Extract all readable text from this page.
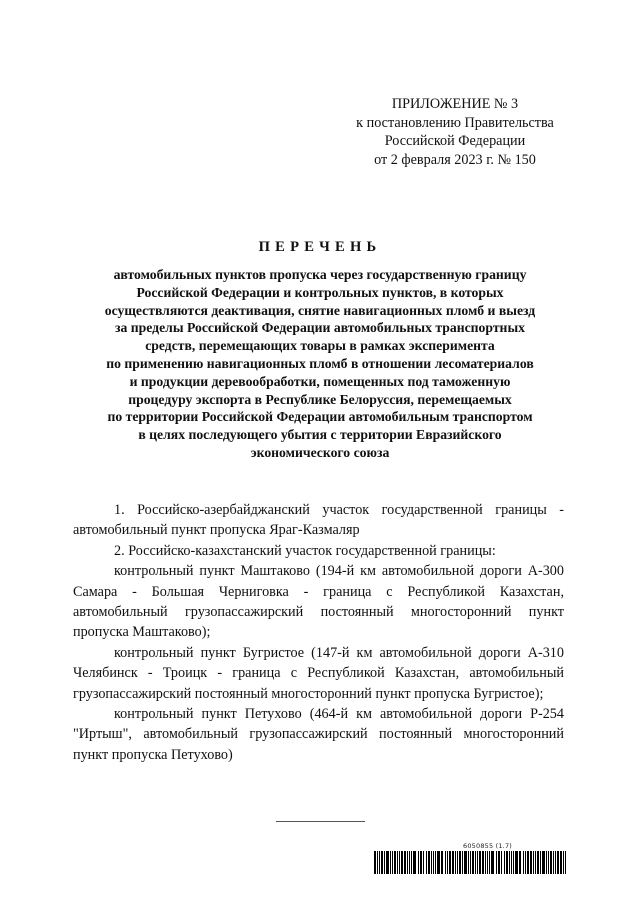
ПРИЛОЖЕНИЕ № 3
к постановлению Правительства
Российской Федерации
от 2 февраля 2023 г. № 150
ПЕРЕЧЕНЬ
автомобильных пунктов пропуска через государственную границу
Российской Федерации и контрольных пунктов, в которых
осуществляются деактивация, снятие навигационных пломб и выезд
за пределы Российской Федерации автомобильных транспортных
средств, перемещающих товары в рамках эксперимента
по применению навигационных пломб в отношении лесоматериалов
и продукции деревообработки, помещенных под таможенную
процедуру экспорта в Республике Белоруссия, перемещаемых
по территории Российской Федерации автомобильным транспортом
в целях последующего убытия с территории Евразийского
экономического союза

1. Российско-азербайджанский участок государственной границы - автомобильный пункт пропуска Яраг-Казмаляр

2. Российско-казахстанский участок государственной границы:

контрольный пункт Маштаково (194-й км автомобильной дороги А-300 Самара - Большая Черниговка - граница с Республикой Казахстан, автомобильный грузопассажирский постоянный многосторонний пункт пропуска Маштаково);

контрольный пункт Бугристое (147-й км автомобильной дороги А-310 Челябинск - Троицк - граница с Республикой Казахстан, автомобильный грузопассажирский постоянный многосторонний пункт пропуска Бугристое);

контрольный пункт Петухово (464-й км автомобильной дороги Р-254 "Иртыш", автомобильный грузопассажирский постоянный многосторонний пункт пропуска Петухово)

6050855 (1.7)
